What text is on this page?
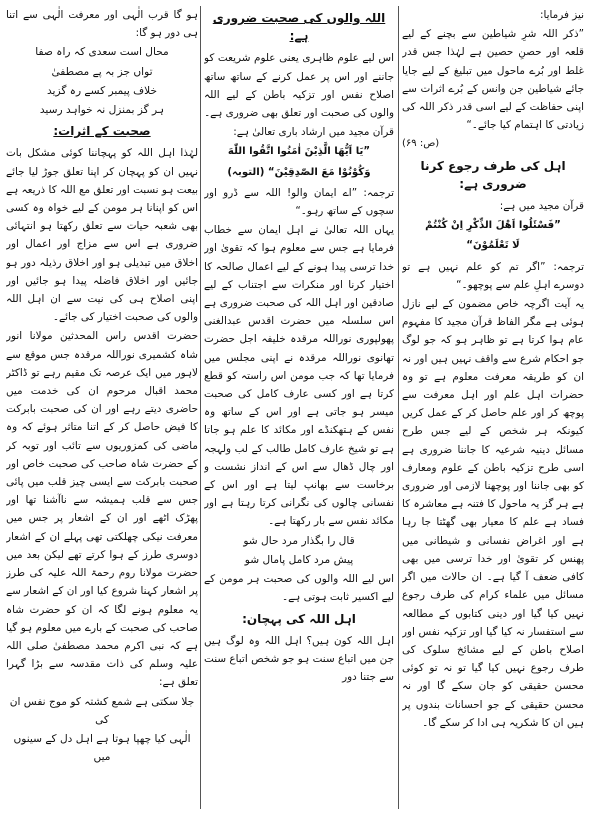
نیز فرمایا:

”ذکر اللہ شرِ شیاطین سے بچنے کے لیے قلعہ اور حصنِ حصین ہے لہٰذا جس قدر غلط اور بُرے ماحول میں تبلیغ کے لیے جایا جائے شیاطین جن وانس کے بُرے اثرات سے اپنی حفاظت کے لیے اسی قدر ذکر اللہ کی زیادتی کا اہتمام کیا جائے۔“

(ص: ۶۹)

اہل کی طرف رجوع کرنا ضروری ہے:

قرآن مجید میں ہے:

”فَسْئَلُوا اَهْلَ الذِّكْرِ اِنْ كُنْتُمْ
لَا تَعْلَمُوْنَ“

ترجمہ: ”اگر تم کو علم نہیں ہے تو دوسرے اہلِ علم سے پوچھو۔“

یہ آیت اگرچہ خاص مضمون کے لیے نازل ہوئی ہے مگر الفاظ قرآن مجید کا مفہوم عام ہوا کرتا ہے تو ظاہر ہو کہ جو لوگ جو احکام شرع سے واقف نہیں ہیں اور نہ ان کو طریقہ معرفت معلوم ہے تو وہ حضرات اہل علم اور اہل معرفت سے پوچھ کر اور علم حاصل کر کے عمل کریں کیونکہ ہر شخص کے لیے جس طرح مسائل دینیہ شرعیہ کا جاننا ضروری ہے اسی طرح تزکیہ باطن کے علوم ومعارف کو بھی جاننا اور پوچھنا لازمی اور ضروری ہے ہر گز یہ ماحول کا فتنہ ہے معاشرہ کا فساد ہے علم کا معیار بھی گھٹتا جا رہا ہے اور اغراض نفسانی و شیطانی میں پھنس کر تقویٰ اور خدا ترسی میں بھی کافی ضعف آ گیا ہے۔ ان حالات میں اگر مسائل میں علماء کرام کی طرف رجوع نہیں کیا گیا اور دینی کتابوں کے مطالعہ سے استفسار نہ کیا گیا اور تزکیہ نفس اور اصلاح باطن کے لیے مشائخ سلوک کی طرف رجوع نہیں کیا گیا تو نہ تو کوئی محسن حقیقی کو جان سکے گا اور نہ محسن حقیقی کے جو احسانات بندوں پر ہیں ان کا شکریہ ہی ادا کر سکے گا۔

اللہ والوں کی صحبت ضروری ہے:

اس لیے علوم ظاہری یعنی علوم شریعت کو جاننے اور اس پر عمل کرنے کے ساتھ ساتھ اصلاح نفس اور تزکیہ باطن کے لیے اللہ والوں کی صحبت اور تعلق بھی ضروری ہے۔

قرآن مجید میں ارشاد باری تعالیٰ ہے:

”يَا اَيُّهَا الَّذِيْنَ اٰمَنُوا اتَّقُوا اللّٰهَ
وَكُوْنُوْا مَعَ الصّٰدِقِيْنَ“ (التوبہ)

ترجمہ: ”اے ایمان والو! اللہ سے ڈرو اور سچوں کے ساتھ رہو۔“

یہاں اللہ تعالیٰ نے اہل ایمان سے خطاب فرمایا ہے جس سے معلوم ہوا کہ تقویٰ اور خدا ترسی پیدا ہونے کے لیے اعمال صالحہ کا اختیار کرنا اور منکرات سے اجتناب کے لیے صادقین اور اہل اللہ کی صحبت ضروری ہے اس سلسلہ میں حضرت اقدس عبدالغنی پھولپوری نوراللہ مرقدہ خلیفہ اجل حضرت تھانوی نوراللہ مرقدہ نے اپنی مجلس میں فرمایا تھا کہ جب مومن اس راستہ کو قطع کرتا ہے اور کسی عارف کامل کی صحبت میسر ہو جاتی ہے اور اس کے ساتھ وہ نفس کے ہتھکنڈے اور مکائد کا علم ہو جاتا ہے تو شیخ عارف کامل طالب کے لب ولہجہ اور چال ڈھال سے اس کے انداز نشست و برخاست سے بھانپ لیتا ہے اور اس کے نفسانی چالوں کی نگرانی کرتا رہتا ہے اور مکائد نفس سے بار رکھتا ہے۔

قال را بگذار مرد حال شو
پیش مرد کامل پامال شو

اس لیے اللہ والوں کی صحبت ہر مومن کے لیے اکسیر ثابت ہوتی ہے۔

اہل اللہ کی پہچان:

اہل اللہ کون ہیں؟ اہل اللہ وہ لوگ ہیں جن میں اتباع سنت ہو جو شخص اتباع سنت سے جتنا دور

ہو گا قرب الٰہی اور معرفت الٰہی سے اتنا ہی دور ہو گا:

محال است سعدی کہ راہ صفا
تواں جز بہ پے مصطفیٰ
خلاف پیمبر کسے رہ گزید
ہر گز بمنزل نہ خواہد رسید
صحبت کے اثرات:

لہٰذا اہل اللہ کو پہچاننا کوئی مشکل بات نہیں ان کو پہچان کر اپنا تعلق جوڑ لیا جائے بیعت ہو نسبت اور تعلق مع اللہ کا ذریعہ ہے اس کو اپنانا ہر مومن کے لیے خواہ وہ کسی بھی شعبہ حیات سے تعلق رکھتا ہو انتہائی ضروری ہے اس سے مزاج اور اعمال اور اخلاق میں تبدیلی ہو اور اخلاق رذیلہ دور ہو جائیں اور اخلاق فاضلہ پیدا ہو جائیں اور اپنی اصلاح ہی کی نیت سے ان اہل اللہ والوں کی صحبت اختیار کی جائے۔

حضرت اقدس راس المحدثین مولانا انور شاہ کشمیری نوراللہ مرقدہ جس موقع سے لاہور میں ایک عرصہ تک مقیم رہے تو ڈاکٹر محمد اقبال مرحوم ان کی خدمت میں حاضری دیتے رہے اور ان کی صحبت بابرکت کا فیض حاصل کر کے اتنا متاثر ہوئے کہ وہ ماضی کی کمزوریوں سے تائب اور توبہ کر کے حضرت شاہ صاحب کی صحبت خاص اور صحبت بابرکت سے ایسی چیز قلب میں پائی جس سے قلب ہمیشہ سے ناآشنا تھا اور پھڑک اٹھے اور ان کے اشعار پر جس میں معرفت نیکی چھلکتی تھی پہلے ان کے اشعار دوسری طرز کے ہوا کرتے تھے لیکن بعد میں حضرت مولانا روم رحمۃ اللہ علیہ کی طرز پر اشعار کہنا شروع کیا اور ان کے اشعار سے یہ معلوم ہونے لگا کہ ان کو حضرت شاہ صاحب کی صحبت کے بارے میں معلوم ہو گیا ہے کہ نبی اکرم محمد مصطفیٰ صلی اللہ علیہ وسلم کی ذات مقدسہ سے بڑا گہرا تعلق ہے:

جلا سکتی ہے شمع کشتہ کو موج نفس ان کی
الٰہی کیا چھپا ہوتا ہے اہل دل کے سینوں میں
